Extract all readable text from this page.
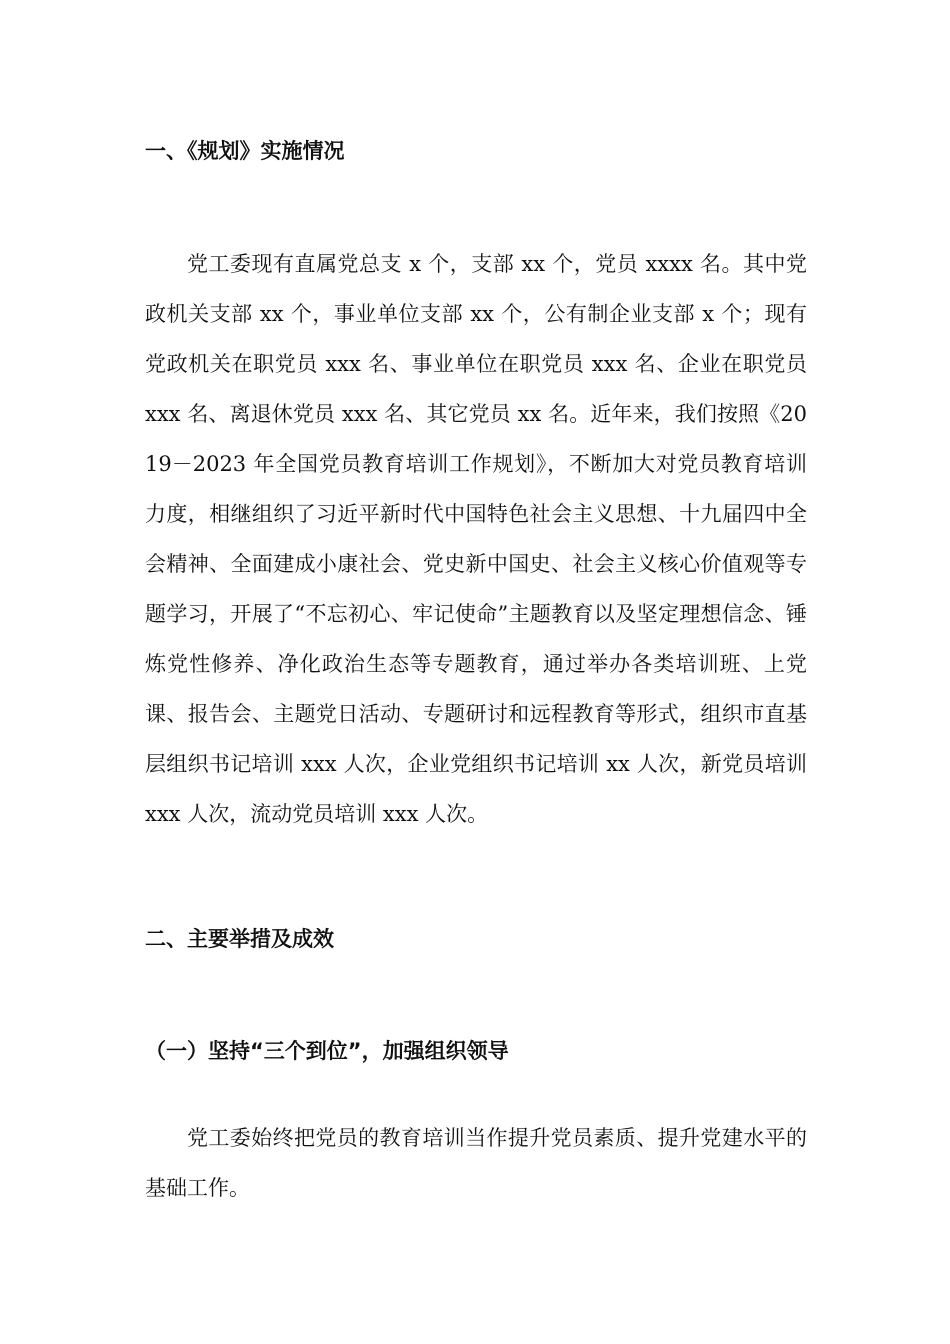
一、《规划》实施情况

党工委现有直属党总支 x 个，支部 xx 个，党员 xxxx 名。其中党政机关支部 xx 个，事业单位支部 xx 个，公有制企业支部 x 个；现有党政机关在职党员 xxx 名、事业单位在职党员 xxx 名、企业在职党员 xxx 名、离退休党员 xxx 名、其它党员 xx 名。近年来，我们按照《2019－2023 年全国党员教育培训工作规划》，不断加大对党员教育培训力度，相继组织了习近平新时代中国特色社会主义思想、十九届四中全会精神、全面建成小康社会、党史新中国史、社会主义核心价值观等专题学习，开展了“不忘初心、牢记使命”主题教育以及坚定理想信念、锤炼党性修养、净化政治生态等专题教育，通过举办各类培训班、上党课、报告会、主题党日活动、专题研讨和远程教育等形式，组织市直基层组织书记培训 xxx 人次，企业党组织书记培训 xx 人次，新党员培训 xxx 人次，流动党员培训 xxx 人次。

二、主要举措及成效
（一）坚持“三个到位”，加强组织领导

党工委始终把党员的教育培训当作提升党员素质、提升党建水平的基础工作。
